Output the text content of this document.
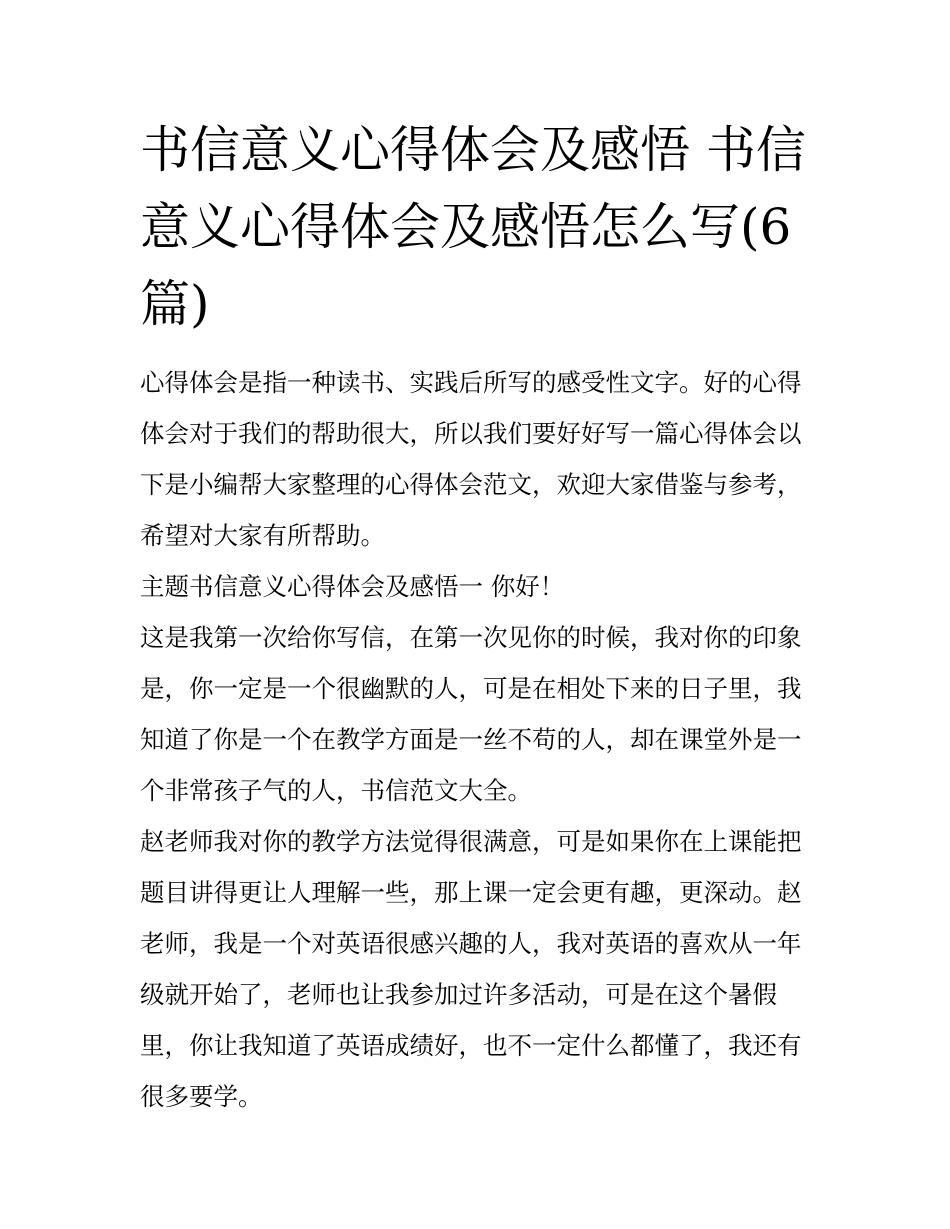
书信意义心得体会及感悟 书信意义心得体会及感悟怎么写(6篇)

心得体会是指一种读书、实践后所写的感受性文字。好的心得体会对于我们的帮助很大，所以我们要好好写一篇心得体会以下是小编帮大家整理的心得体会范文，欢迎大家借鉴与参考，希望对大家有所帮助。

主题书信意义心得体会及感悟一 你好！

这是我第一次给你写信，在第一次见你的时候，我对你的印象是，你一定是一个很幽默的人，可是在相处下来的日子里，我知道了你是一个在教学方面是一丝不苟的人，却在课堂外是一个非常孩子气的人，书信范文大全。

赵老师我对你的教学方法觉得很满意，可是如果你在上课能把题目讲得更让人理解一些，那上课一定会更有趣，更深动。赵老师，我是一个对英语很感兴趣的人，我对英语的喜欢从一年级就开始了，老师也让我参加过许多活动，可是在这个暑假里，你让我知道了英语成绩好，也不一定什么都懂了，我还有很多要学。
